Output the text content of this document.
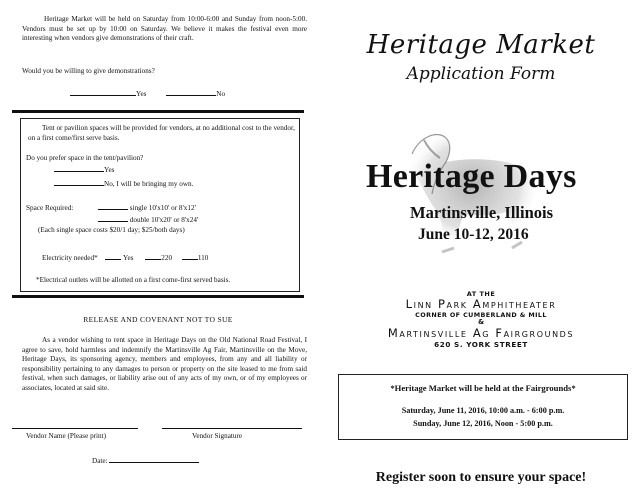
Heritage Market will be held on Saturday from 10:00-6:00 and Sunday from noon-5:00. Vendors must be set up by 10:00 on Saturday. We believe it makes the festival even more interesting when vendors give demonstrations of their craft.
Would you be willing to give demonstrations?
Yes	No
Tent or pavilion spaces will be provided for vendors, at no additional cost to the vendor, on a first come/first serve basis.
Do you prefer space in the tent/pavilion?
Yes
No, I will be bringing my own.
Space Required:	single 10'x10' or 8'x12'
double 10'x20' or 8'x24'
(Each single space costs $20/1 day; $25/both days)
Electricity needed*	Yes	220	110
*Electrical outlets will be allotted on a first come-first served basis.
RELEASE AND COVENANT NOT TO SUE
As a vendor wishing to rent space in Heritage Days on the Old National Road Festival, I agree to save, hold harmless and indemnify the Martinsville Ag Fair, Martinsville on the Move, Heritage Days, its sponsoring agency, members and employees, from any and all liability or responsibility pertaining to any damages to person or property on the site leased to me from said festival, when such damages, or liability arise out of any acts of my own, or of my employees or associates, located at said site.
Vendor Name (Please print)	Vendor Signature
Date:
Heritage Market
Application Form
Heritage Days
Martinsville, Illinois
June 10-12, 2016
AT THE
Linn Park Amphitheater
CORNER OF CUMBERLAND & MILL
&
Martinsville Ag Fairgrounds
620 S. YORK STREET
*Heritage Market will be held at the Fairgrounds*
Saturday, June 11, 2016, 10:00 a.m. - 6:00 p.m.
Sunday, June 12, 2016, Noon - 5:00 p.m.
Register soon to ensure your space!
